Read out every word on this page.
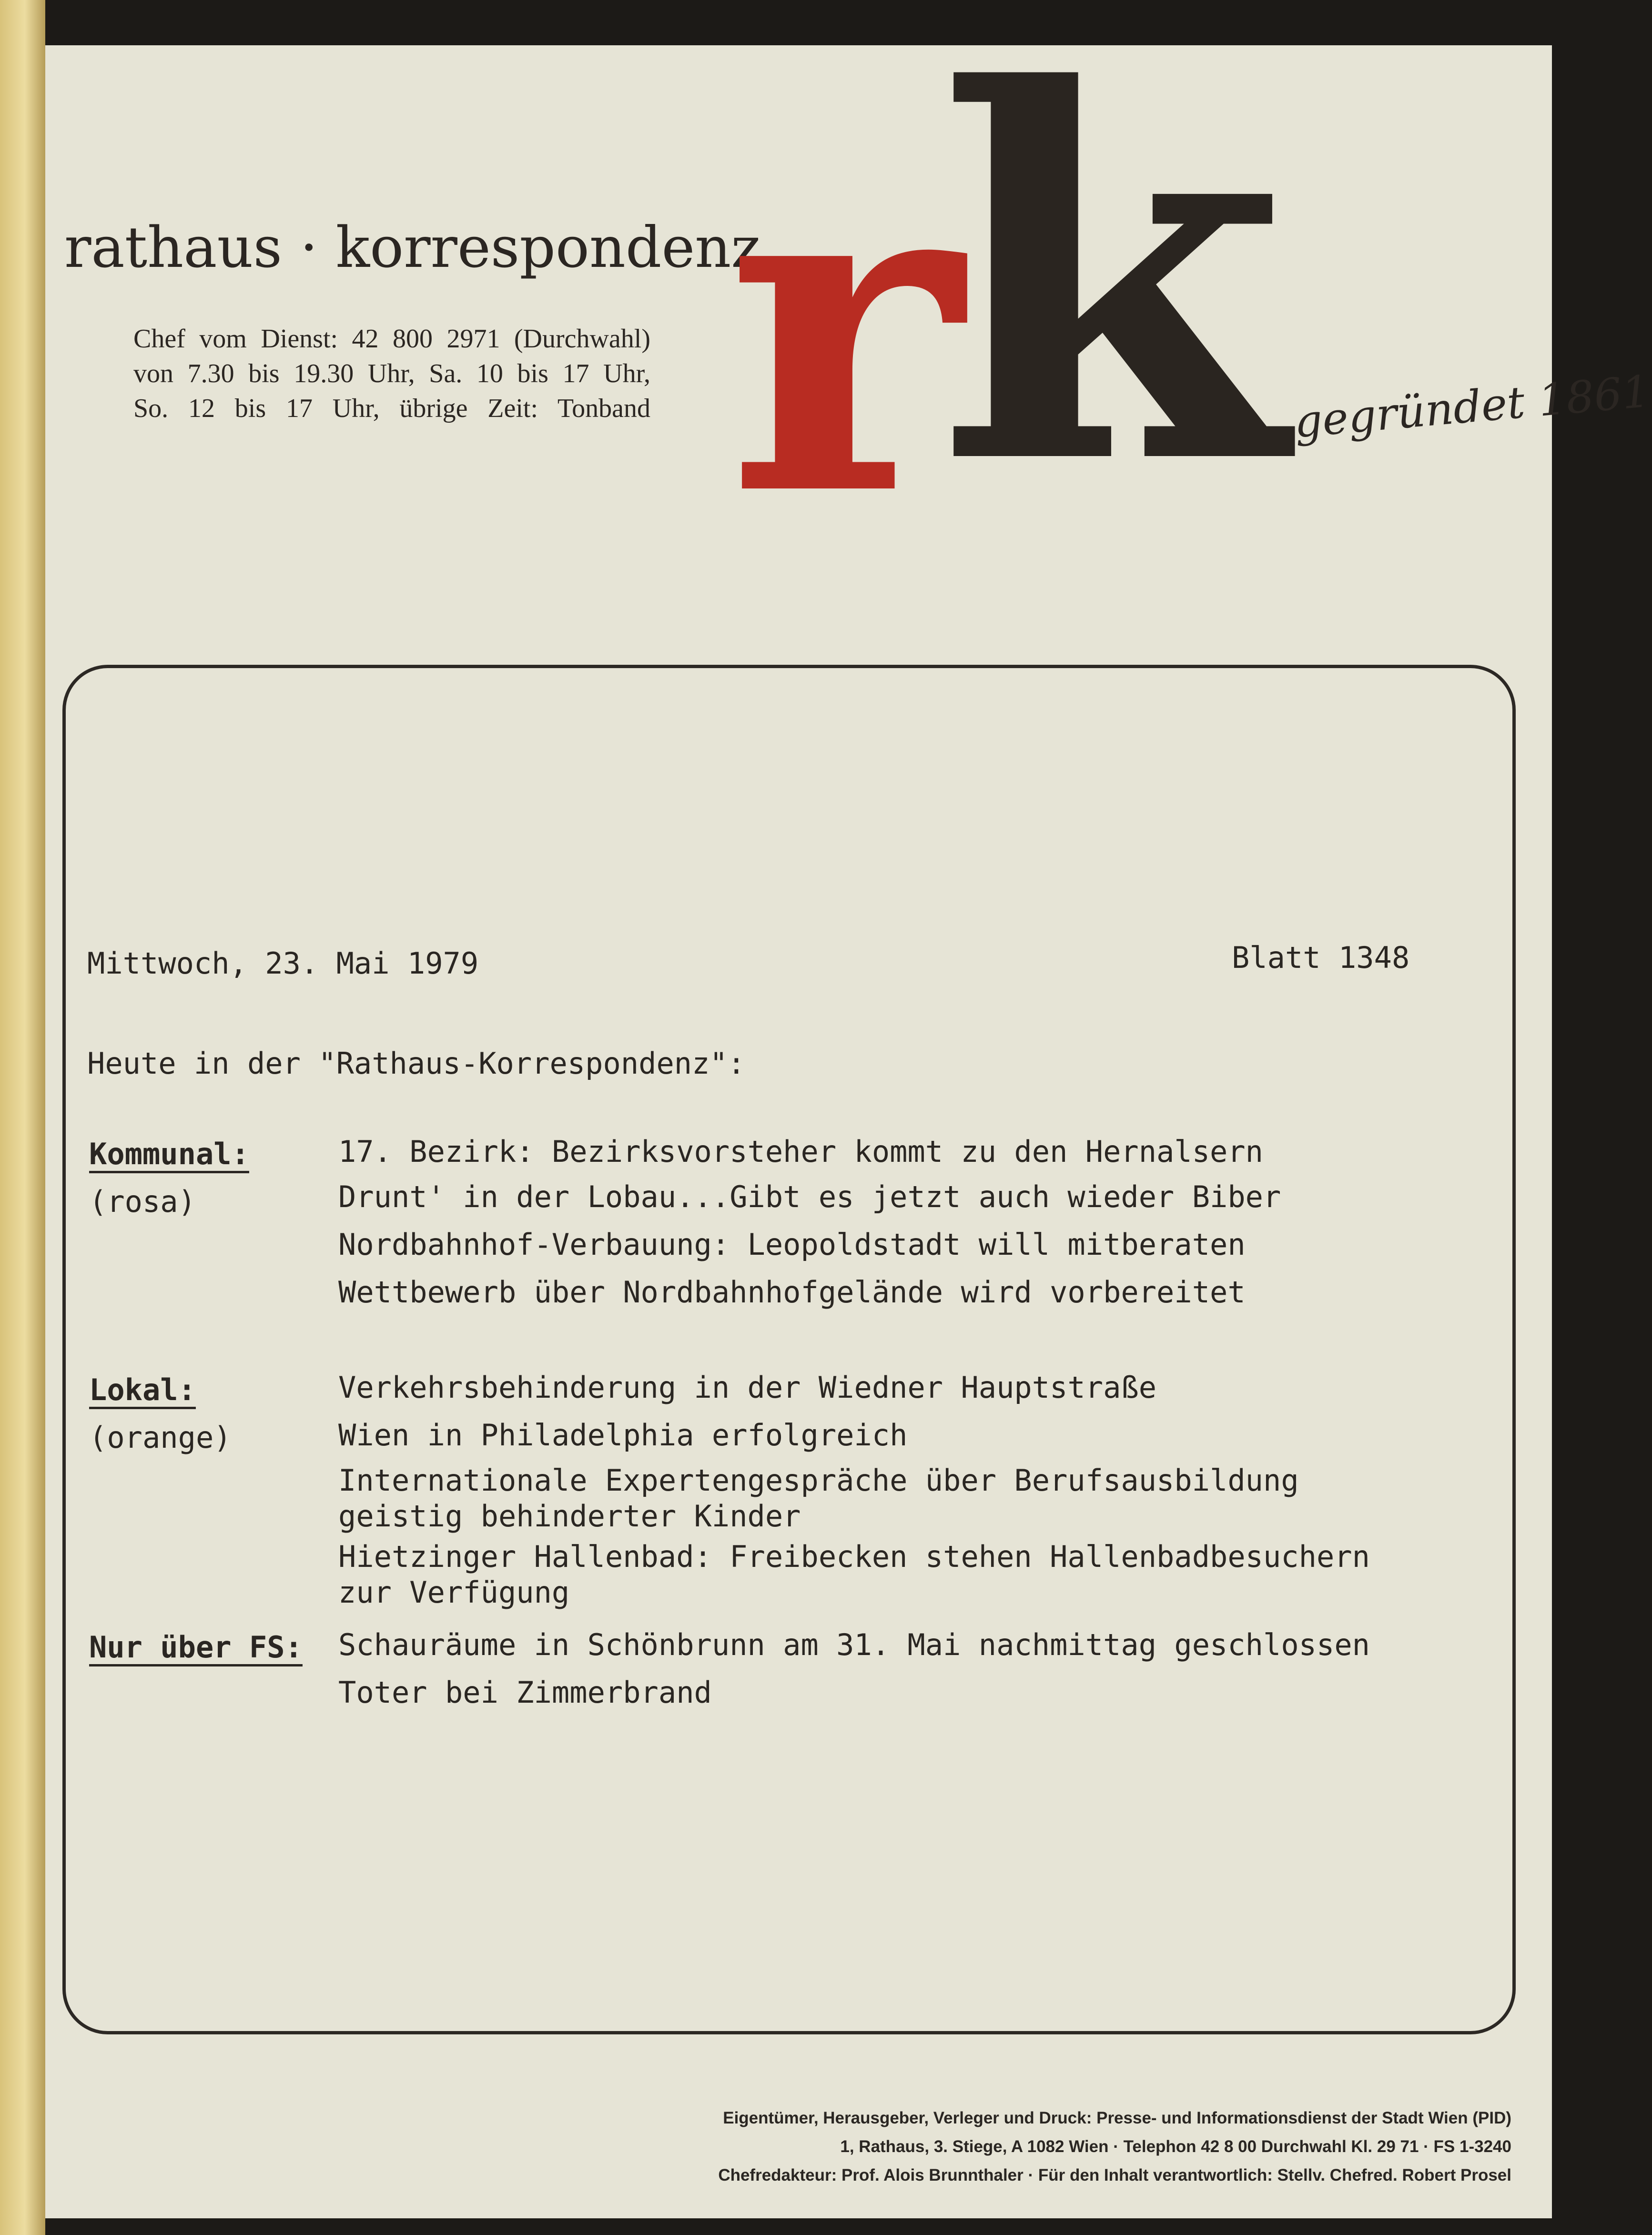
rathaus · korrespondenz
Chef vom Dienst: 42 800 2971 (Durchwahl)
von 7.30 bis 19.30 Uhr, Sa. 10 bis 17 Uhr,
So. 12 bis 17 Uhr, übrige Zeit: Tonband r
k gegründet 1861
Mittwoch, 23. Mai 1979	Blatt 1348
Heute in der "Rathaus-Korrespondenz":
Kommunal:
(rosa)
17. Bezirk: Bezirksvorsteher kommt zu den Hernalsern
Drunt' in der Lobau...Gibt es jetzt auch wieder Biber
Nordbahnhof-Verbauung: Leopoldstadt will mitberaten
Wettbewerb über Nordbahnhofgelände wird vorbereitet
Lokal:
(orange)
Verkehrsbehinderung in der Wiedner Hauptstraße
Wien in Philadelphia erfolgreich
Internationale Expertengespräche über Berufsausbildung
geistig behinderter Kinder
Hietzinger Hallenbad: Freibecken stehen Hallenbadbesuchern
zur Verfügung
Nur über FS: Schauräume in Schönbrunn am 31. Mai nachmittag geschlossen
Toter bei Zimmerbrand
Eigentümer, Herausgeber, Verleger und Druck: Presse- und Informationsdienst der Stadt Wien (PID)
1, Rathaus, 3. Stiege, A 1082 Wien · Telephon 42 8 00 Durchwahl Kl. 29 71 · FS 1-3240
Chefredakteur: Prof. Alois Brunnthaler · Für den Inhalt verantwortlich: Stellv. Chefred. Robert Prosel
